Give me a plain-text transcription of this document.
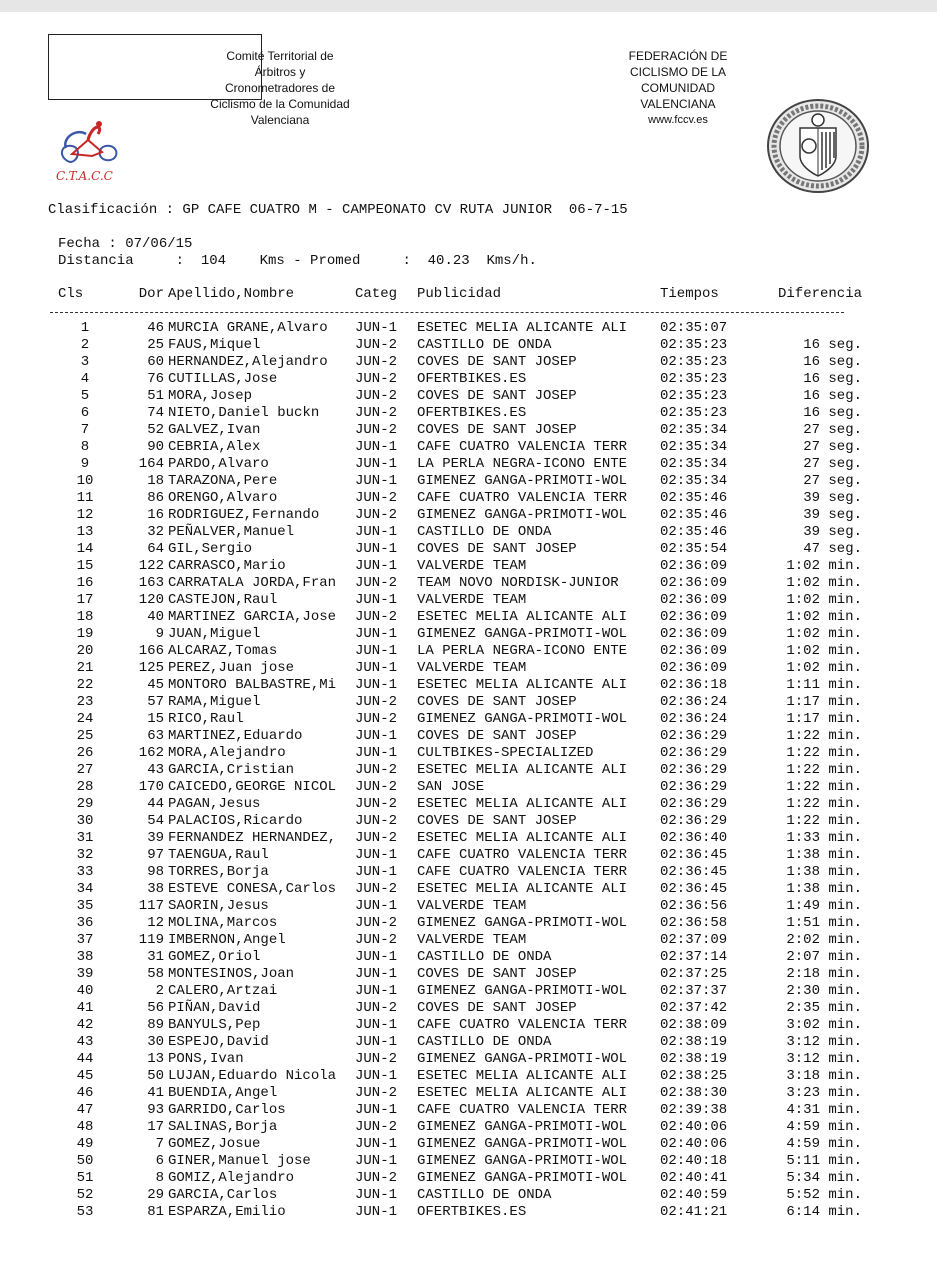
Comité Territorial de
Árbitros y
Cronometradores de
Ciclismo de la Comunidad
Valenciana
FEDERACIÓN DE
CICLISMO DE LA
COMUNIDAD
VALENCIANA
www.fccv.es
C.T.A.C.C
Clasificación : GP CAFE CUATRO M - CAMPEONATO CV RUTA JUNIOR  06-7-15
Fecha : 07/06/15
Distancia     :  104    Kms - Promed     :  40.23  Kms/h.
Cls	Dor	Apellido,Nombre	Categ	Publicidad	Tiempos	Diferencia

1	46	MURCIA GRANE,Alvaro	JUN-1	ESETEC MELIA ALICANTE ALI	02:35:07	
2	25	FAUS,Miquel	JUN-2	CASTILLO DE ONDA	02:35:23	16 seg.
3	60	HERNANDEZ,Alejandro	JUN-2	COVES DE SANT JOSEP	02:35:23	16 seg.
4	76	CUTILLAS,Jose	JUN-2	OFERTBIKES.ES	02:35:23	16 seg.
5	51	MORA,Josep	JUN-2	COVES DE SANT JOSEP	02:35:23	16 seg.
6	74	NIETO,Daniel buckn	JUN-2	OFERTBIKES.ES	02:35:23	16 seg.
7	52	GALVEZ,Ivan	JUN-2	COVES DE SANT JOSEP	02:35:34	27 seg.
8	90	CEBRIA,Alex	JUN-1	CAFE CUATRO VALENCIA TERR	02:35:34	27 seg.
9	164	PARDO,Alvaro	JUN-1	LA PERLA NEGRA-ICONO ENTE	02:35:34	27 seg.
10	18	TARAZONA,Pere	JUN-1	GIMENEZ GANGA-PRIMOTI-WOL	02:35:34	27 seg.
11	86	ORENGO,Alvaro	JUN-2	CAFE CUATRO VALENCIA TERR	02:35:46	39 seg.
12	16	RODRIGUEZ,Fernando	JUN-2	GIMENEZ GANGA-PRIMOTI-WOL	02:35:46	39 seg.
13	32	PEÑALVER,Manuel	JUN-1	CASTILLO DE ONDA	02:35:46	39 seg.
14	64	GIL,Sergio	JUN-1	COVES DE SANT JOSEP	02:35:54	47 seg.
15	122	CARRASCO,Mario	JUN-1	VALVERDE TEAM	02:36:09	1:02 min.
16	163	CARRATALA JORDA,Fran	JUN-2	TEAM NOVO NORDISK-JUNIOR	02:36:09	1:02 min.
17	120	CASTEJON,Raul	JUN-1	VALVERDE TEAM	02:36:09	1:02 min.
18	40	MARTINEZ GARCIA,Jose	JUN-2	ESETEC MELIA ALICANTE ALI	02:36:09	1:02 min.
19	9	JUAN,Miguel	JUN-1	GIMENEZ GANGA-PRIMOTI-WOL	02:36:09	1:02 min.
20	166	ALCARAZ,Tomas	JUN-1	LA PERLA NEGRA-ICONO ENTE	02:36:09	1:02 min.
21	125	PEREZ,Juan jose	JUN-1	VALVERDE TEAM	02:36:09	1:02 min.
22	45	MONTORO BALBASTRE,Mi	JUN-1	ESETEC MELIA ALICANTE ALI	02:36:18	1:11 min.
23	57	RAMA,Miguel	JUN-2	COVES DE SANT JOSEP	02:36:24	1:17 min.
24	15	RICO,Raul	JUN-2	GIMENEZ GANGA-PRIMOTI-WOL	02:36:24	1:17 min.
25	63	MARTINEZ,Eduardo	JUN-1	COVES DE SANT JOSEP	02:36:29	1:22 min.
26	162	MORA,Alejandro	JUN-1	CULTBIKES-SPECIALIZED	02:36:29	1:22 min.
27	43	GARCIA,Cristian	JUN-2	ESETEC MELIA ALICANTE ALI	02:36:29	1:22 min.
28	170	CAICEDO,GEORGE NICOL	JUN-2	SAN JOSE	02:36:29	1:22 min.
29	44	PAGAN,Jesus	JUN-2	ESETEC MELIA ALICANTE ALI	02:36:29	1:22 min.
30	54	PALACIOS,Ricardo	JUN-2	COVES DE SANT JOSEP	02:36:29	1:22 min.
31	39	FERNANDEZ HERNANDEZ,	JUN-2	ESETEC MELIA ALICANTE ALI	02:36:40	1:33 min.
32	97	TAENGUA,Raul	JUN-1	CAFE CUATRO VALENCIA TERR	02:36:45	1:38 min.
33	98	TORRES,Borja	JUN-1	CAFE CUATRO VALENCIA TERR	02:36:45	1:38 min.
34	38	ESTEVE CONESA,Carlos	JUN-2	ESETEC MELIA ALICANTE ALI	02:36:45	1:38 min.
35	117	SAORIN,Jesus	JUN-1	VALVERDE TEAM	02:36:56	1:49 min.
36	12	MOLINA,Marcos	JUN-2	GIMENEZ GANGA-PRIMOTI-WOL	02:36:58	1:51 min.
37	119	IMBERNON,Angel	JUN-2	VALVERDE TEAM	02:37:09	2:02 min.
38	31	GOMEZ,Oriol	JUN-1	CASTILLO DE ONDA	02:37:14	2:07 min.
39	58	MONTESINOS,Joan	JUN-1	COVES DE SANT JOSEP	02:37:25	2:18 min.
40	2	CALERO,Artzai	JUN-1	GIMENEZ GANGA-PRIMOTI-WOL	02:37:37	2:30 min.
41	56	PIÑAN,David	JUN-2	COVES DE SANT JOSEP	02:37:42	2:35 min.
42	89	BANYULS,Pep	JUN-1	CAFE CUATRO VALENCIA TERR	02:38:09	3:02 min.
43	30	ESPEJO,David	JUN-1	CASTILLO DE ONDA	02:38:19	3:12 min.
44	13	PONS,Ivan	JUN-2	GIMENEZ GANGA-PRIMOTI-WOL	02:38:19	3:12 min.
45	50	LUJAN,Eduardo Nicola	JUN-1	ESETEC MELIA ALICANTE ALI	02:38:25	3:18 min.
46	41	BUENDIA,Angel	JUN-2	ESETEC MELIA ALICANTE ALI	02:38:30	3:23 min.
47	93	GARRIDO,Carlos	JUN-1	CAFE CUATRO VALENCIA TERR	02:39:38	4:31 min.
48	17	SALINAS,Borja	JUN-2	GIMENEZ GANGA-PRIMOTI-WOL	02:40:06	4:59 min.
49	7	GOMEZ,Josue	JUN-1	GIMENEZ GANGA-PRIMOTI-WOL	02:40:06	4:59 min.
50	6	GINER,Manuel jose	JUN-1	GIMENEZ GANGA-PRIMOTI-WOL	02:40:18	5:11 min.
51	8	GOMIZ,Alejandro	JUN-2	GIMENEZ GANGA-PRIMOTI-WOL	02:40:41	5:34 min.
52	29	GARCIA,Carlos	JUN-1	CASTILLO DE ONDA	02:40:59	5:52 min.
53	81	ESPARZA,Emilio	JUN-1	OFERTBIKES.ES	02:41:21	6:14 min.
